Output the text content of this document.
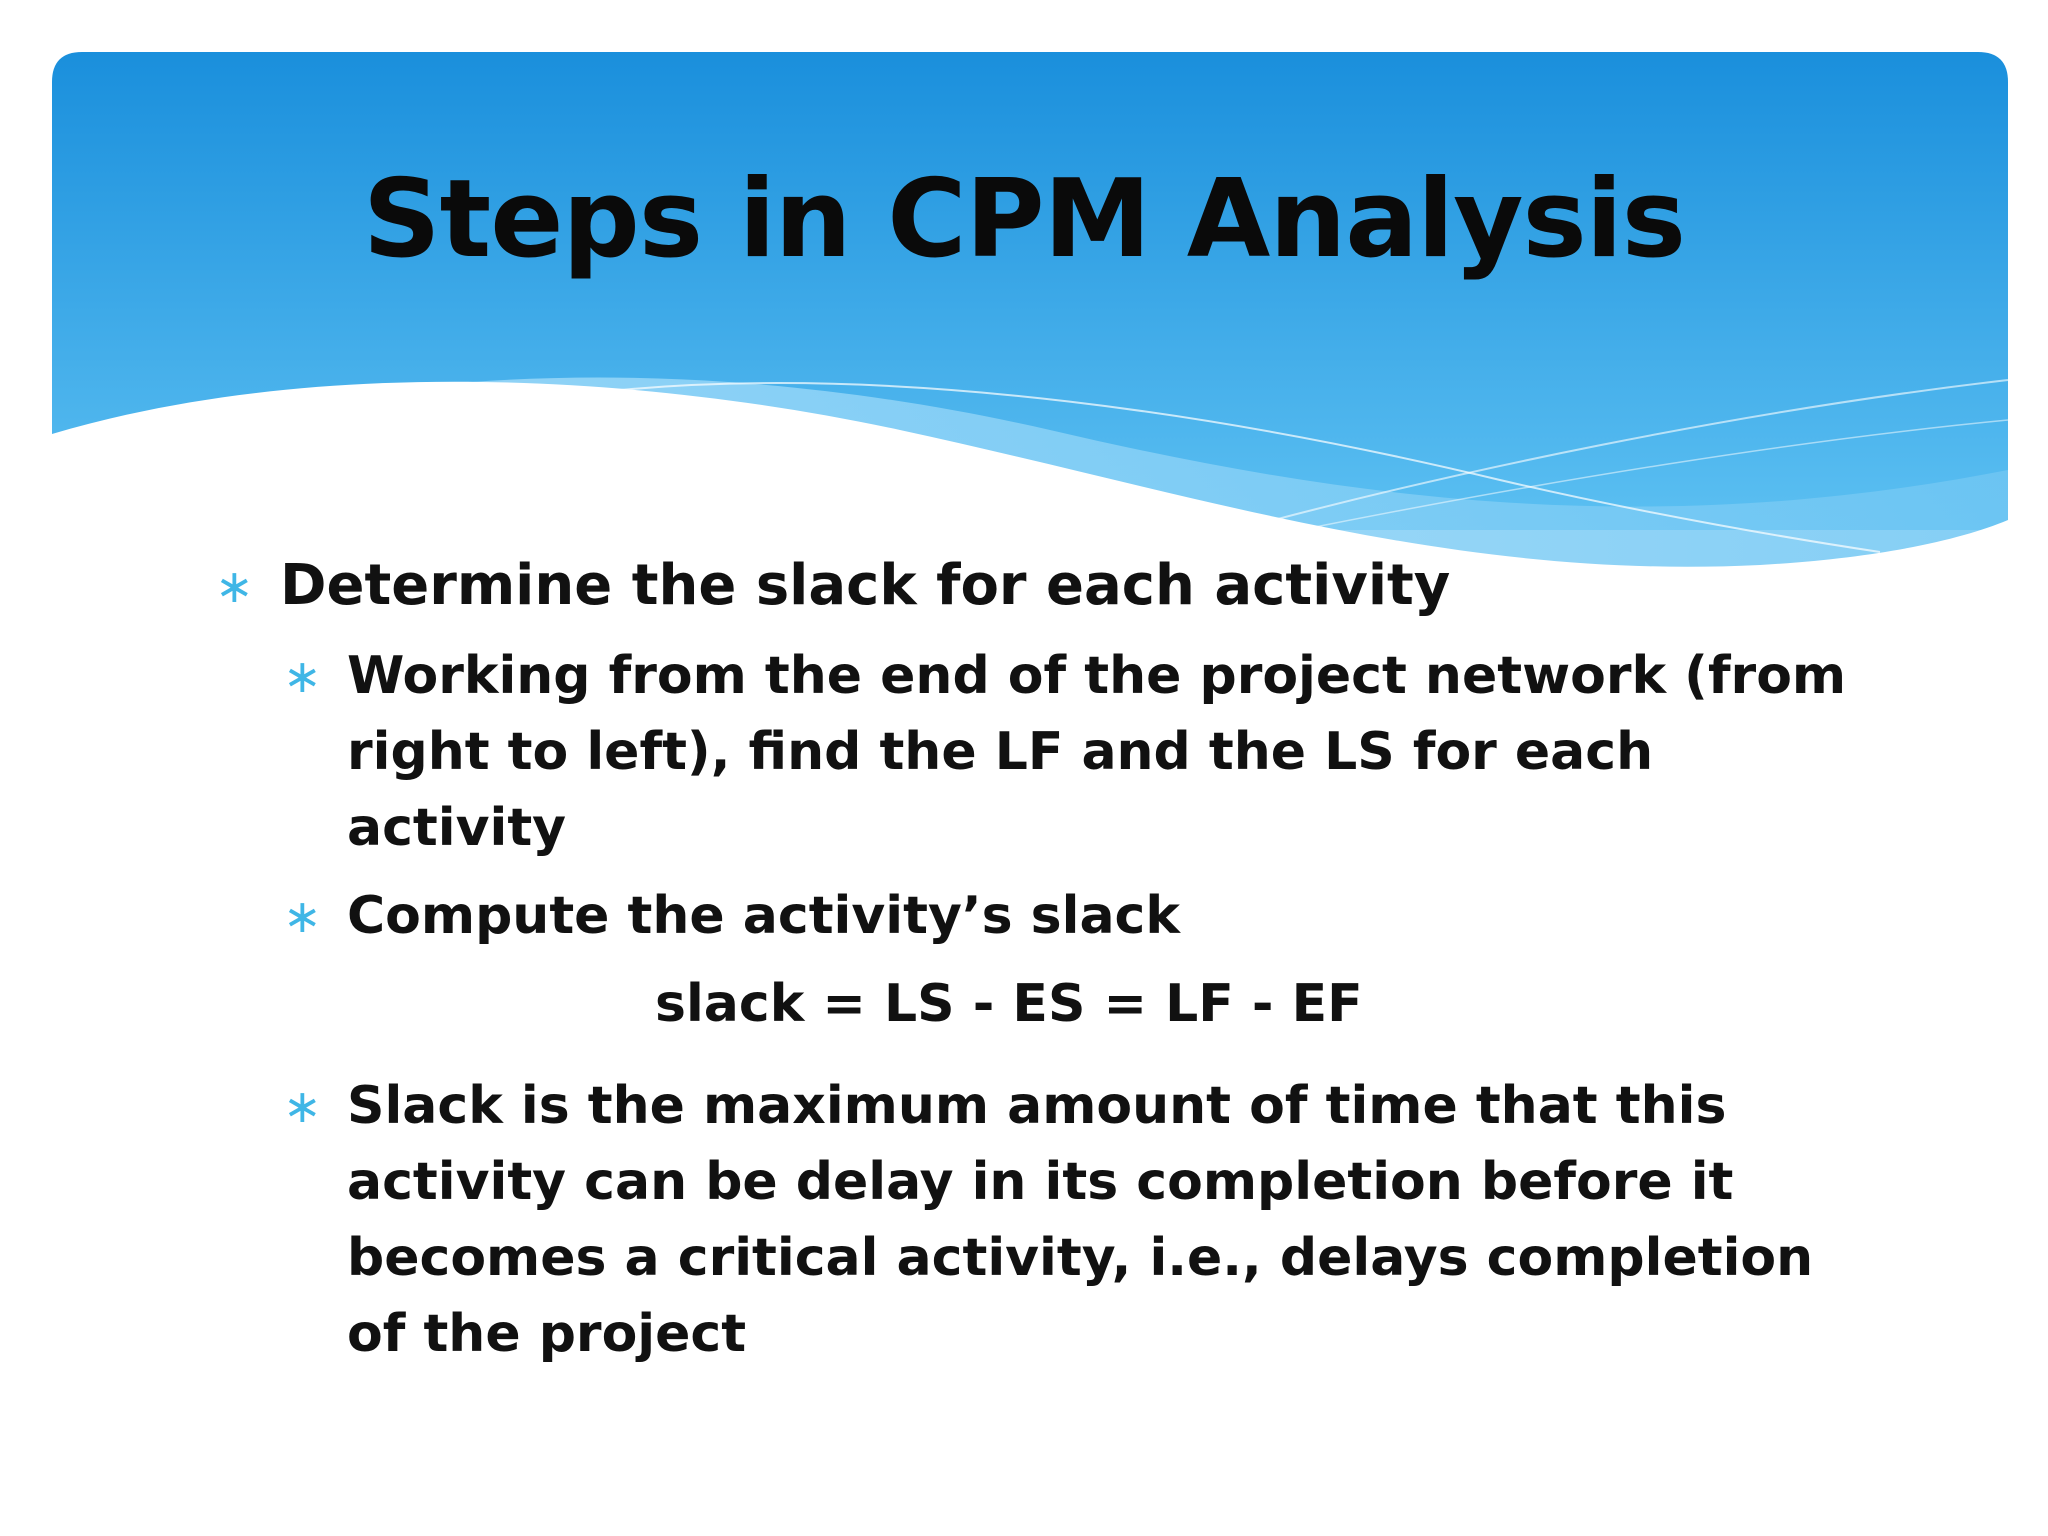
Steps in CPM Analysis
∗ Determine the slack for each activity
∗ Working from the end of the project network (from right to left), find the LF and the LS for each activity
∗ Compute the activity’s slack
slack = LS - ES = LF - EF
∗ Slack is the maximum amount of time that this activity can be delay in its completion before it becomes a critical activity, i.e., delays completion of the project
